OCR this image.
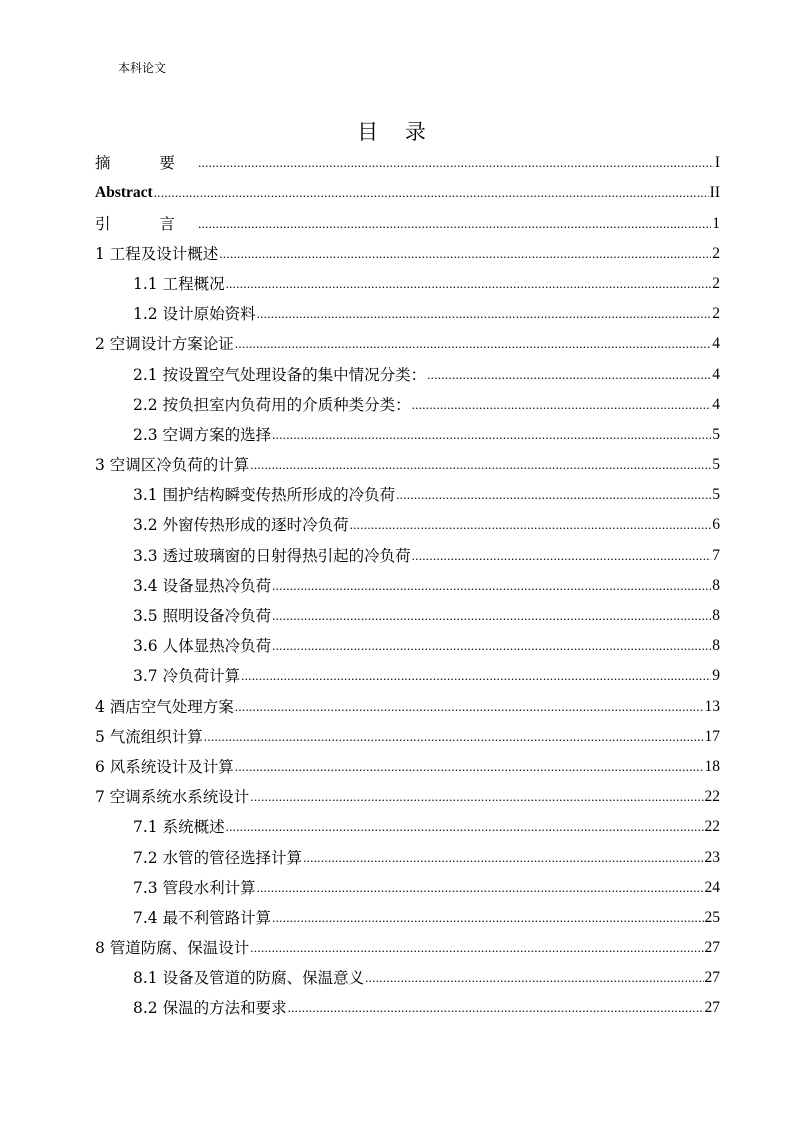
本科论文
目 录
摘 要 .....	I
Abstract .....	II
引 言 .....	1
1 工程及设计概述 .....	2
1.1 工程概况 .....	2
1.2 设计原始资料 .....	2
2 空调设计方案论证 .....	4
2.1 按设置空气处理设备的集中情况分类： .....	4
2.2 按负担室内负荷用的介质种类分类： .....	4
2.3 空调方案的选择 .....	5
3 空调区冷负荷的计算 .....	5
3.1 围护结构瞬变传热所形成的冷负荷 .....	5
3.2 外窗传热形成的逐时冷负荷 .....	6
3.3 透过玻璃窗的日射得热引起的冷负荷 .....	7
3.4 设备显热冷负荷 .....	8
3.5 照明设备冷负荷 .....	8
3.6 人体显热冷负荷 .....	8
3.7 冷负荷计算 .....	9
4 酒店空气处理方案 .....	13
5 气流组织计算 .....	17
6 风系统设计及计算 .....	18
7 空调系统水系统设计 .....	22
7.1 系统概述 .....	22
7.2 水管的管径选择计算 .....	23
7.3 管段水利计算 .....	24
7.4 最不利管路计算 .....	25
8 管道防腐、保温设计 .....	27
8.1 设备及管道的防腐、保温意义 .....	27
8.2 保温的方法和要求 .....	27
